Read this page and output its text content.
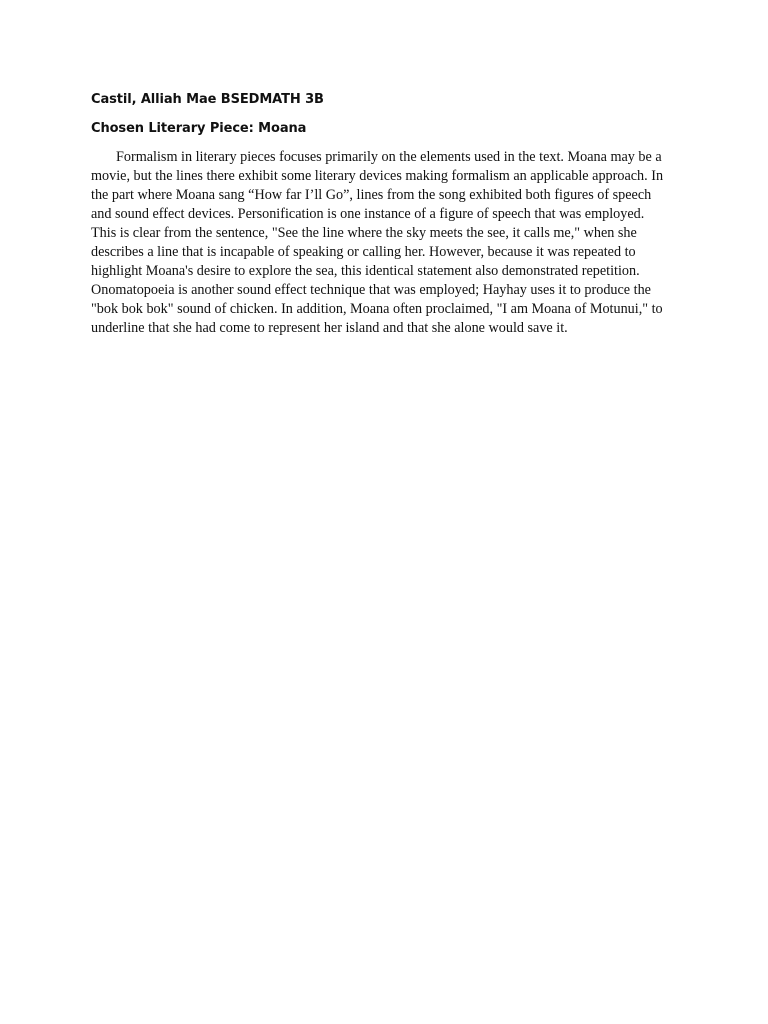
Castil, Alliah Mae BSEDMATH 3B
Chosen Literary Piece: Moana

Formalism in literary pieces focuses primarily on the elements used in the text. Moana may be a movie, but the lines there exhibit some literary devices making formalism an applicable approach. In the part where Moana sang “How far I’ll Go”, lines from the song exhibited both figures of speech and sound effect devices. Personification is one instance of a figure of speech that was employed. This is clear from the sentence, "See the line where the sky meets the see, it calls me," when she describes a line that is incapable of speaking or calling her. However, because it was repeated to highlight Moana's desire to explore the sea, this identical statement also demonstrated repetition. Onomatopoeia is another sound effect technique that was employed; Hayhay uses it to produce the "bok bok bok" sound of chicken. In addition, Moana often proclaimed, "I am Moana of Motunui," to underline that she had come to represent her island and that she alone would save it.
